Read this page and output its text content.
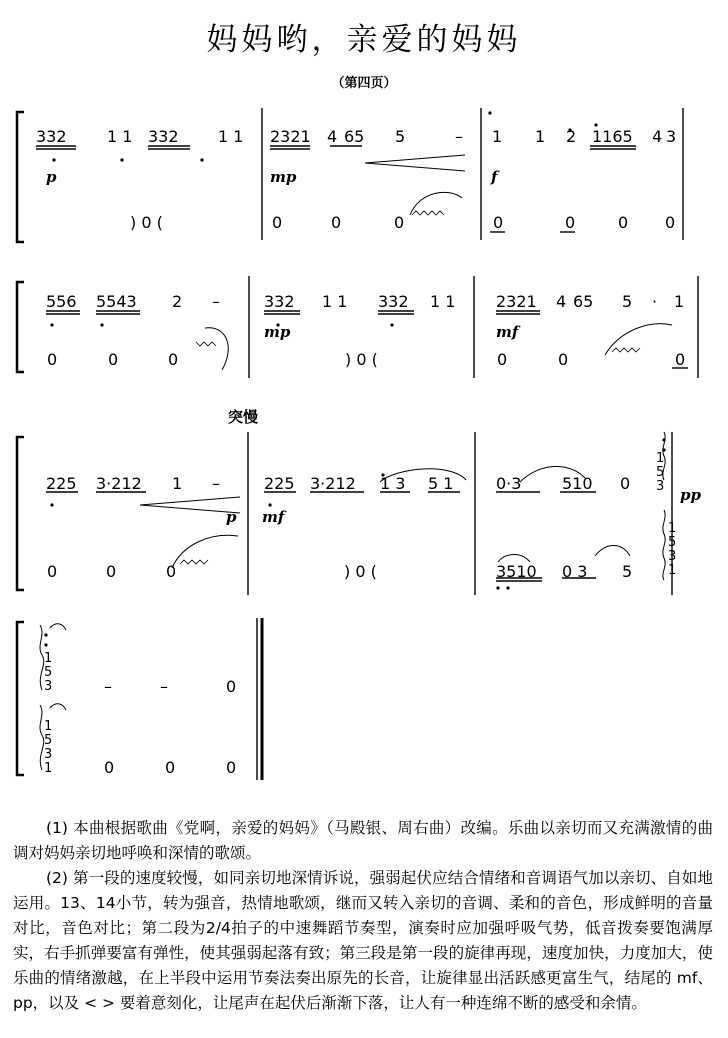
妈妈哟，亲爱的妈妈
（第四页）
p	mp	f
332	1 1 332 1 1 2321 4 65 5	– 1 1 2 1165 4 3
) 0 (	0	0	0	0	0	0 0
mp	mf
556 5543 2 –	332 1 1 332 1 1	2321 4 65 5 · 1
0	0	0	) 0 (	0	0	0
突慢
p mf
pp
225 3·212 1 –	225 3·212 1 3 5 1	0·3	510 0
0	0	0	) 0 (	3510 0 3 5
1
5
3
1
5
3
1
1
5
3
1
5
3
1
–	–	0
0	0	0
(1) 本曲根据歌曲《党啊，亲爱的妈妈》（马殿银、周右曲）改编。乐曲以亲切而又充满激情的曲调对妈妈亲切地呼唤和深情的歌颂。
(2) 第一段的速度较慢，如同亲切地深情诉说，强弱起伏应结合情绪和音调语气加以亲切、自如地运用。13、14小节，转为强音，热情地歌颂，继而又转入亲切的音调、柔和的音色，形成鲜明的音量对比，音色对比；第二段为2/4拍子的中速舞蹈节奏型，演奏时应加强呼吸气势，低音拨奏要饱满厚实，右手抓弹要富有弹性，使其强弱起落有致；第三段是第一段的旋律再现，速度加快，力度加大，使乐曲的情绪激越，在上半段中运用节奏法奏出原先的长音，让旋律显出活跃感更富生气，结尾的 mf、pp，以及 < > 要着意刻化，让尾声在起伏后渐渐下落，让人有一种连绵不断的感受和余情。
